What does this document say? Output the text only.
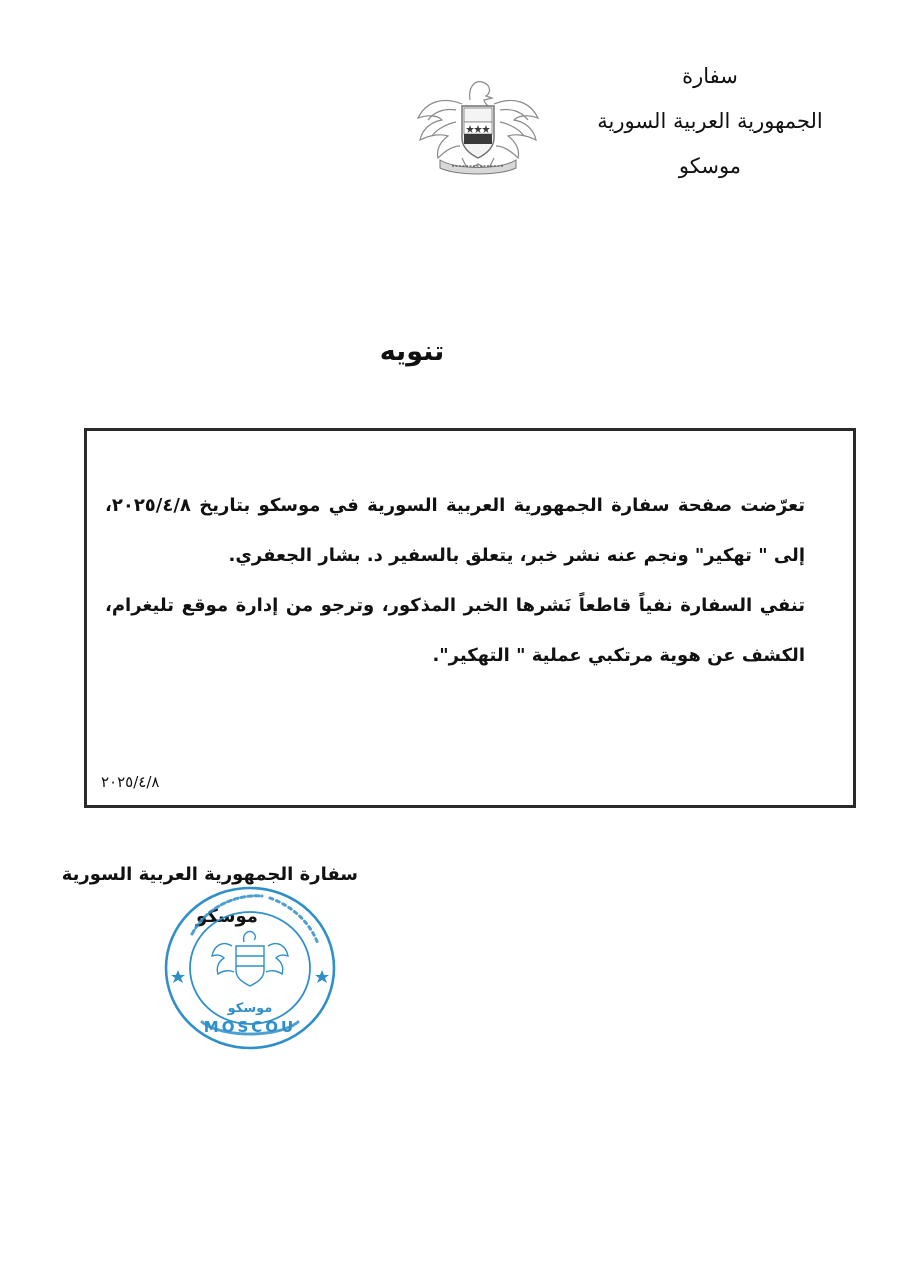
سفارة
الجمهورية العربية السورية
موسكو
تنويه

تعرّضت صفحة سفارة الجمهورية العربية السورية في موسكو بتاريخ ٢٠٢٥/٤/٨، إلى " تهكير" ونجم عنه نشر خبر، يتعلق بالسفير د. بشار الجعفري.

تنفي السفارة نفياً قاطعاً نَشرها الخبر المذكور، وترجو من إدارة موقع تليغرام، الكشف عن هوية مرتكبي عملية " التهكير".

٢٠٢٥/٤/٨
سفارة الجمهورية العربية السورية
موسكو
MOSCOU
موسكو
